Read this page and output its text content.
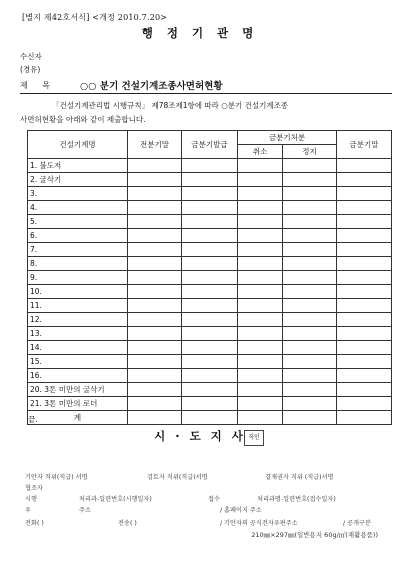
[별지 제42호서식] <개정 2010.7.20>
행 정 기 관 명
수신자
(경유)
제 목	○○ 분기 건설기계조종사면허현황
「건설기계관리법 시행규칙」 제78조제1항에 따라 ○분기 건설기계조종
사면허현황을 아래와 같이 제출합니다.
건설기계명	전분기말	금분기발급	금분기처분		금분기말
			취소	정지	
1. 불도저					
2. 굴삭기					
3.					
4.					
5.					
6.					
7.					
8.					
9.					
10.					
11.					
12.					
13.					
14.					
15.					
16.					
20. 3톤 미만의 굴삭기					
21. 3톤 미만의 로더					
계					
끝.
시 · 도 지 사 직인
기안자 직위(직급) 서명	검토자 직위(직급)서명	결재권자 직위 (직급)서명
협조자
시행	처리과-일련번호(시행일자)	접수	처리과명-일련번호(접수일자)
우	주소	/ 홈페이지 주소
전화( )	전송( )	/ 기안자의 공식전자우편주소	/ 공개구분
210㎜×297㎜(일반용지 60g/㎡(재활용품))
